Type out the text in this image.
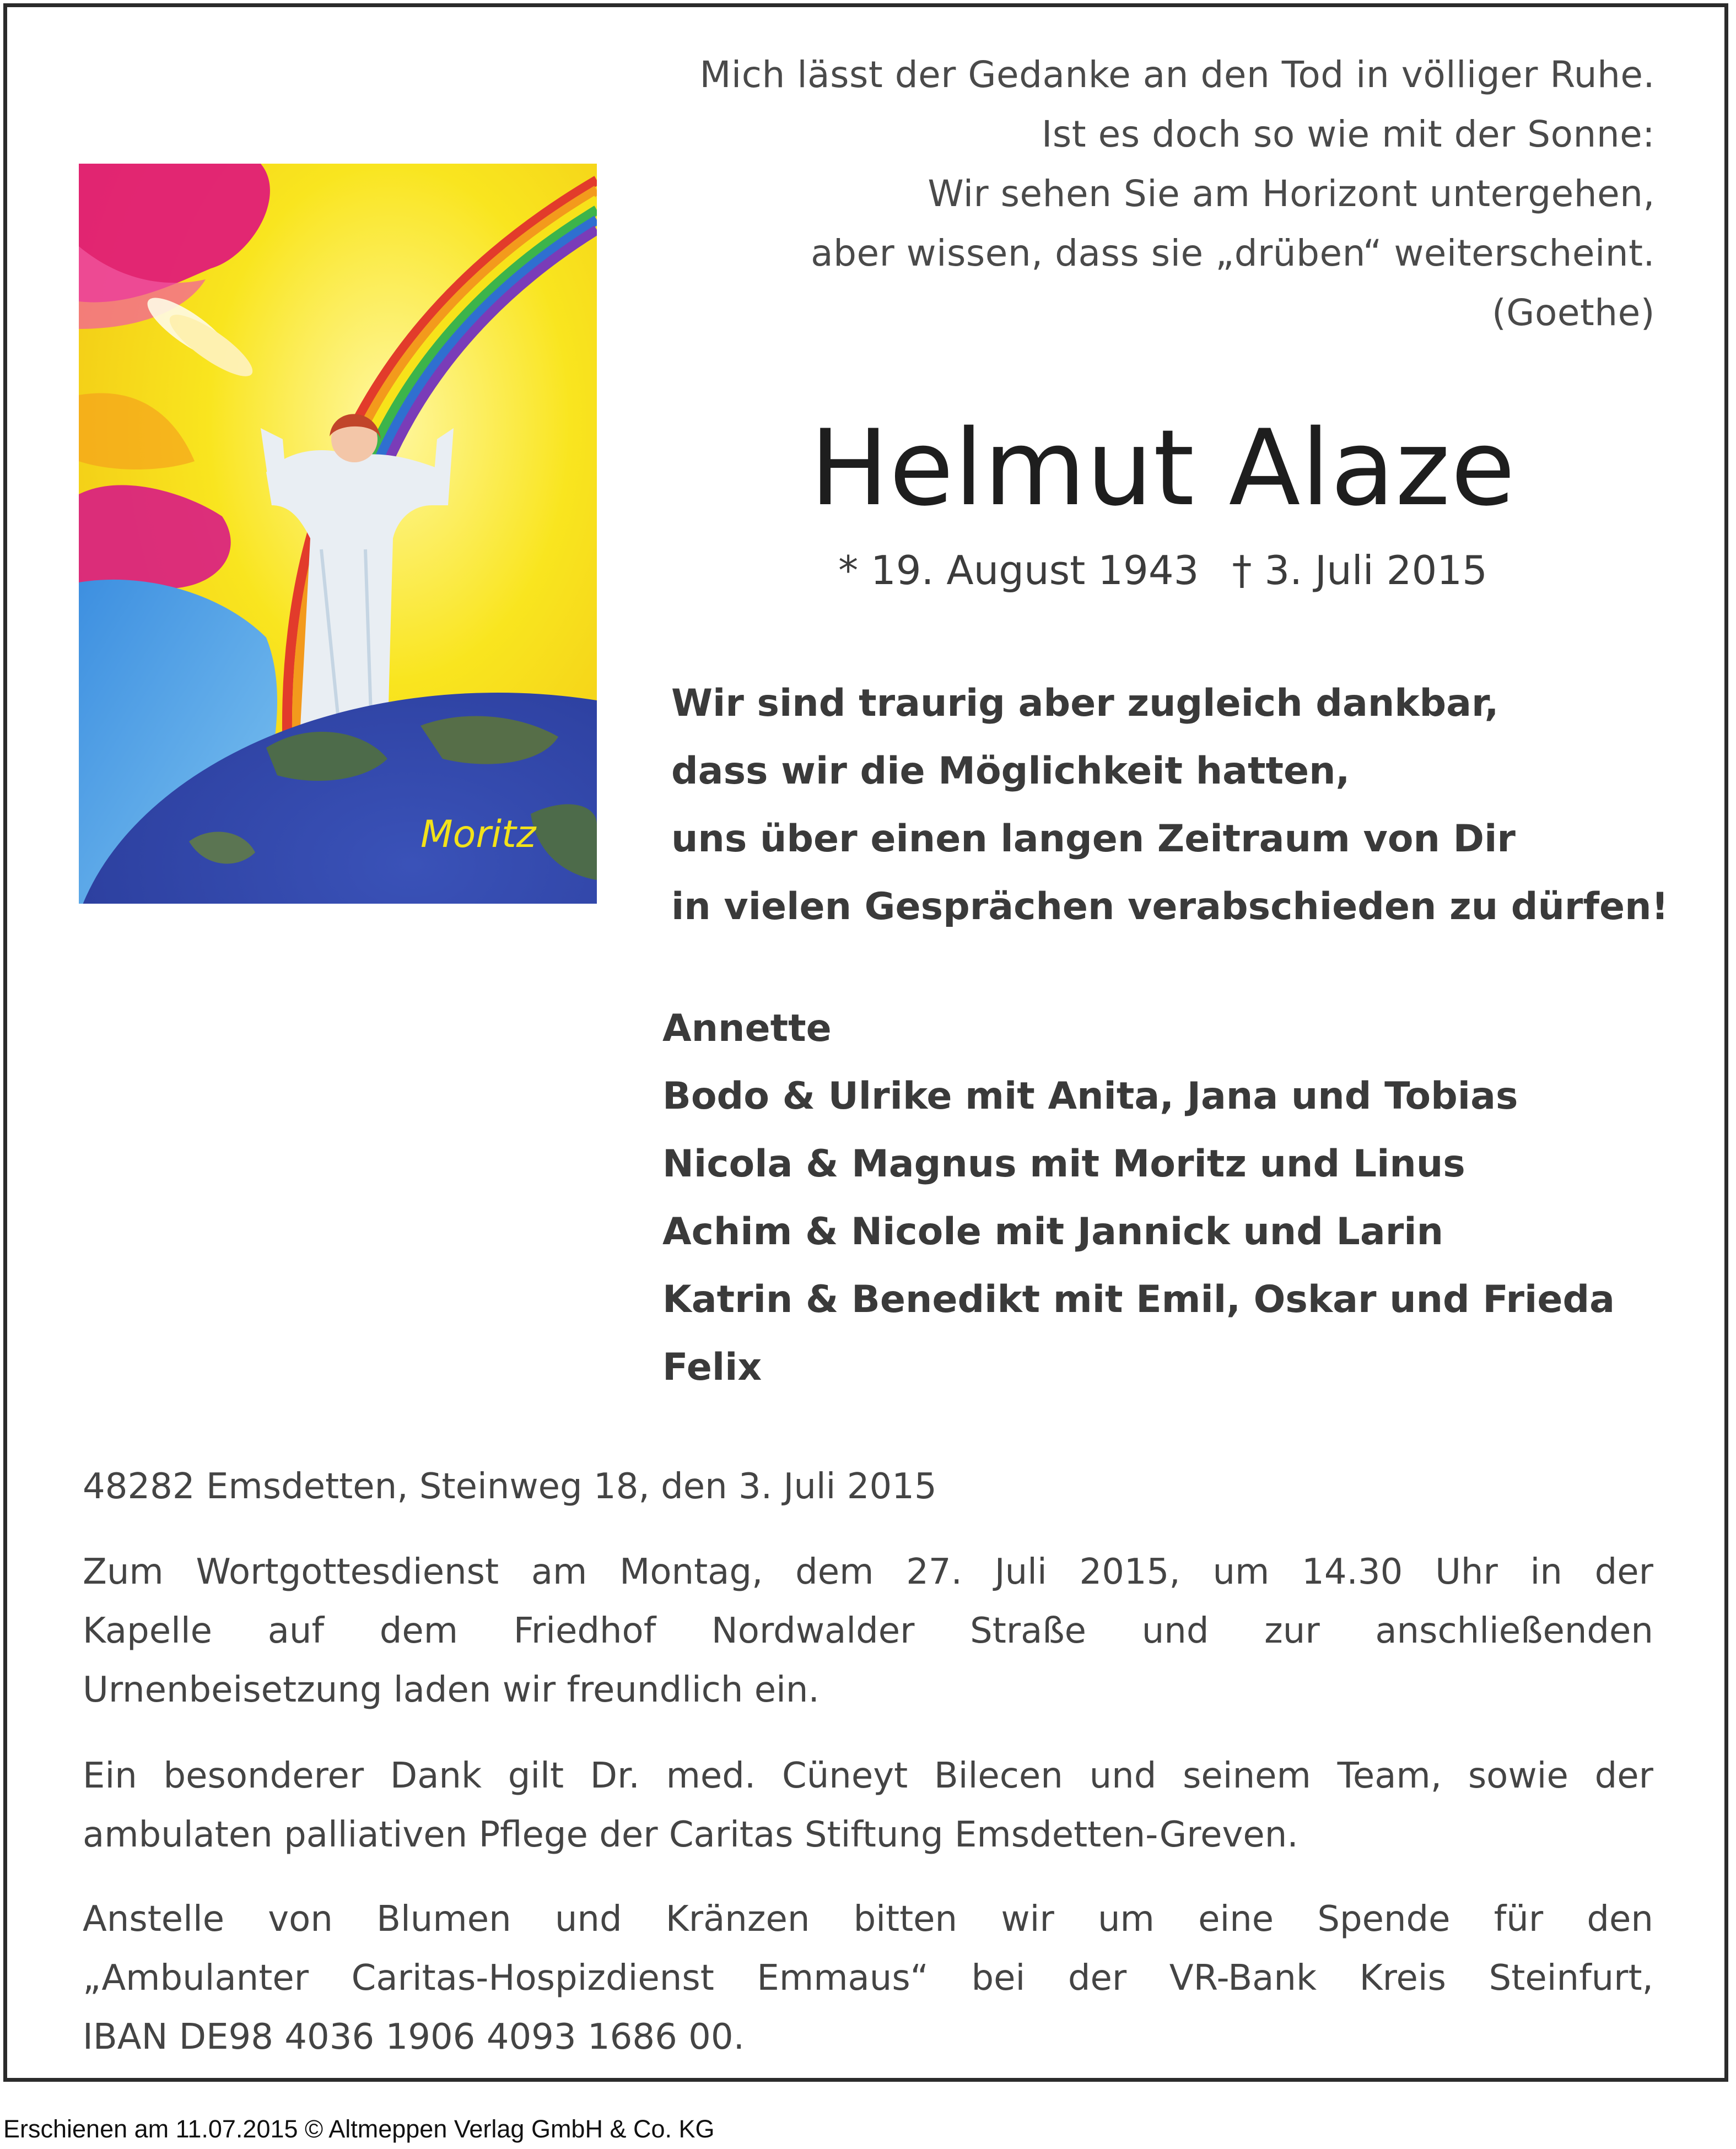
Moritz
Mich lässt der Gedanke an den Tod in völliger Ruhe.
Ist es doch so wie mit der Sonne:
Wir sehen Sie am Horizont untergehen,
aber wissen, dass sie „drüben“ weiterscheint.
(Goethe)
Helmut Alaze
* 19. August 1943 † 3. Juli 2015
Wir sind traurig aber zugleich dankbar,
dass wir die Möglichkeit hatten,
uns über einen langen Zeitraum von Dir
in vielen Gesprächen verabschieden zu dürfen!
Annette
Bodo & Ulrike mit Anita, Jana und Tobias
Nicola & Magnus mit Moritz und Linus
Achim & Nicole mit Jannick und Larin
Katrin & Benedikt mit Emil, Oskar und Frieda
Felix
48282 Emsdetten, Steinweg 18, den 3. Juli 2015
Zum Wortgottesdienst am Montag, dem 27. Juli 2015, um 14.30 Uhr in der
Kapelle auf dem Friedhof Nordwalder Straße und zur anschließenden
Urnenbeisetzung laden wir freundlich ein.
Ein besonderer Dank gilt Dr. med. Cüneyt Bilecen und seinem Team, sowie der
ambulaten palliativen Pflege der Caritas Stiftung Emsdetten-Greven.
Anstelle von Blumen und Kränzen bitten wir um eine Spende für den
„Ambulanter Caritas-Hospizdienst Emmaus“ bei der VR-Bank Kreis Steinfurt,
IBAN DE98 4036 1906 4093 1686 00.
Erschienen am 11.07.2015 © Altmeppen Verlag GmbH & Co. KG
